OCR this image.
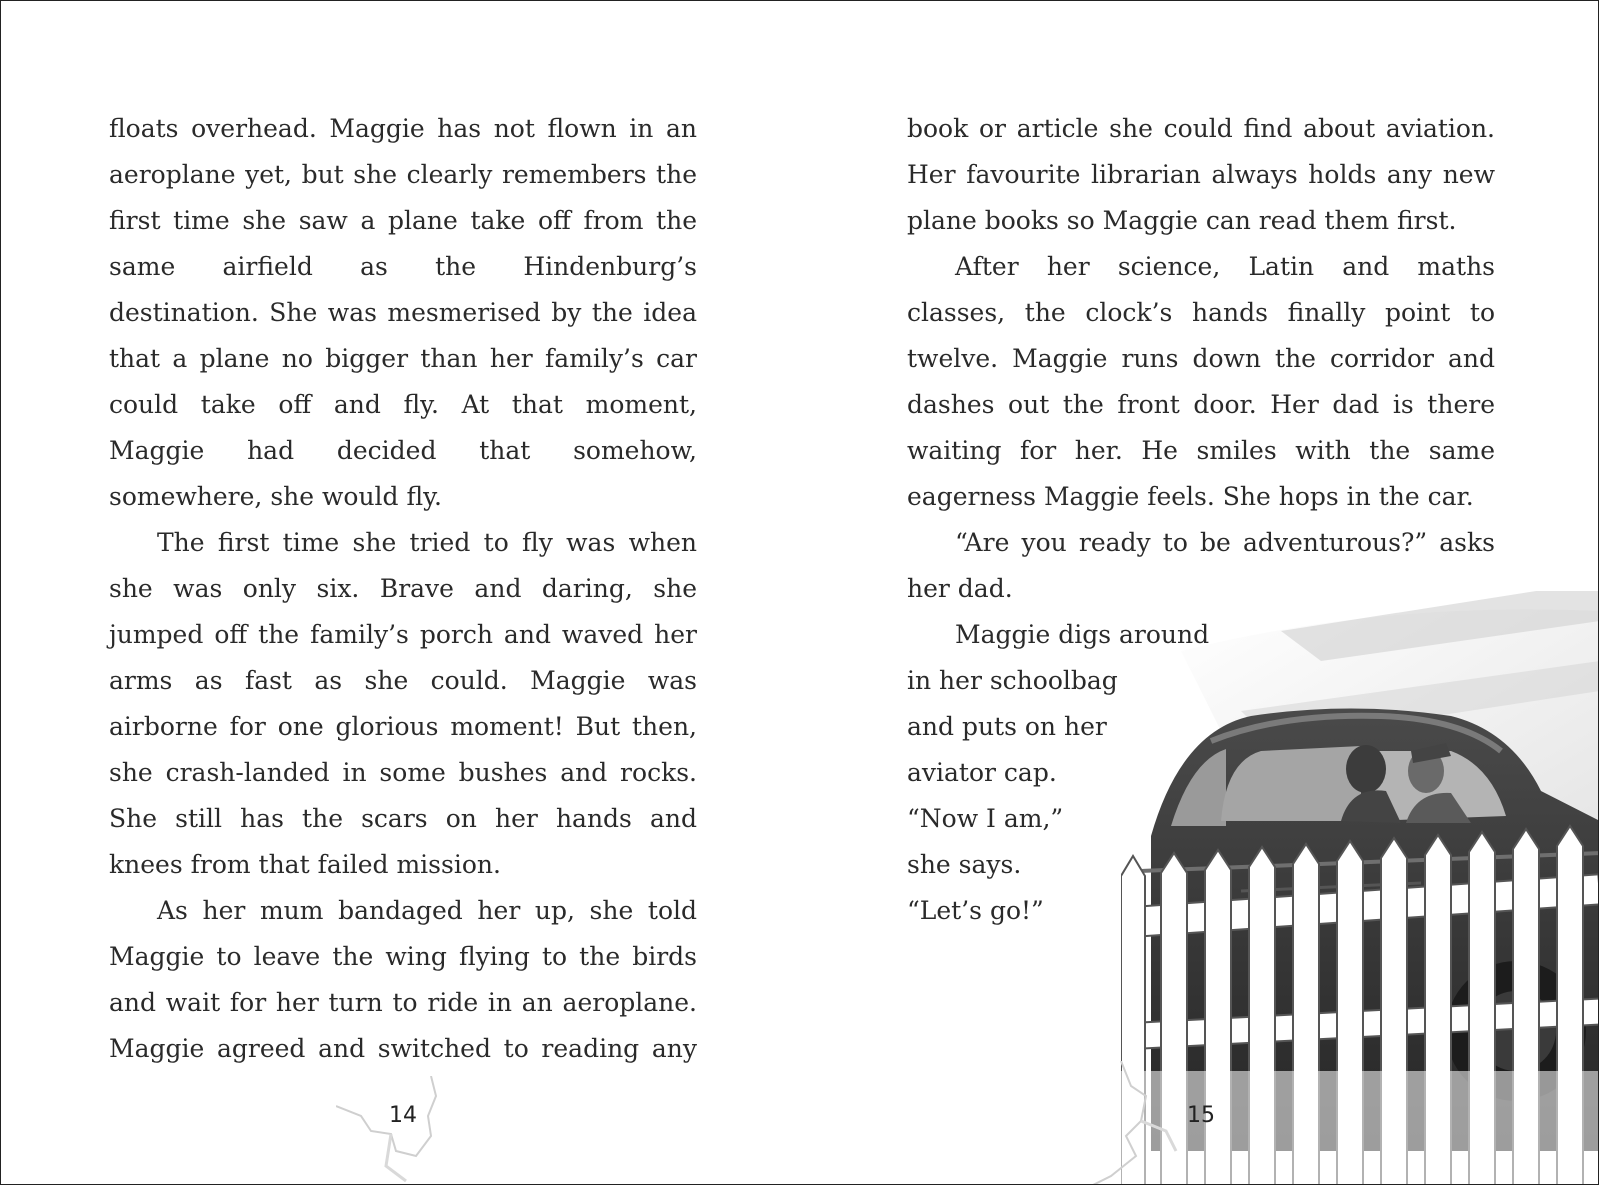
floats overhead. Maggie has not flown in an aeroplane yet, but she clearly remembers the first time she saw a plane take off from the same airfield as the Hindenburg’s destination. She was mesmerised by the idea that a plane no bigger than her family’s car could take off and fly. At that moment, Maggie had decided that somehow, somewhere, she would fly.

The first time she tried to fly was when she was only six. Brave and daring, she jumped off the family’s porch and waved her arms as fast as she could. Maggie was airborne for one glorious moment! But then, she crash-landed in some bushes and rocks. She still has the scars on her hands and knees from that failed mission.

As her mum bandaged her up, she told Maggie to leave the wing flying to the birds and wait for her turn to ride in an aeroplane. Maggie agreed and switched to reading any

book or article she could find about aviation. Her favourite librarian always holds any new plane books so Maggie can read them first.

After her science, Latin and maths classes, the clock’s hands finally point to twelve. Maggie runs down the corridor and dashes out the front door. Her dad is there waiting for her. He smiles with the same eagerness Maggie feels. She hops in the car.

“Are you ready to be adventurous?” asks her dad.

Maggie digs around
in her schoolbag
and puts on her
aviator cap.
“Now I am,”
she says.
“Let’s go!”
14	15
